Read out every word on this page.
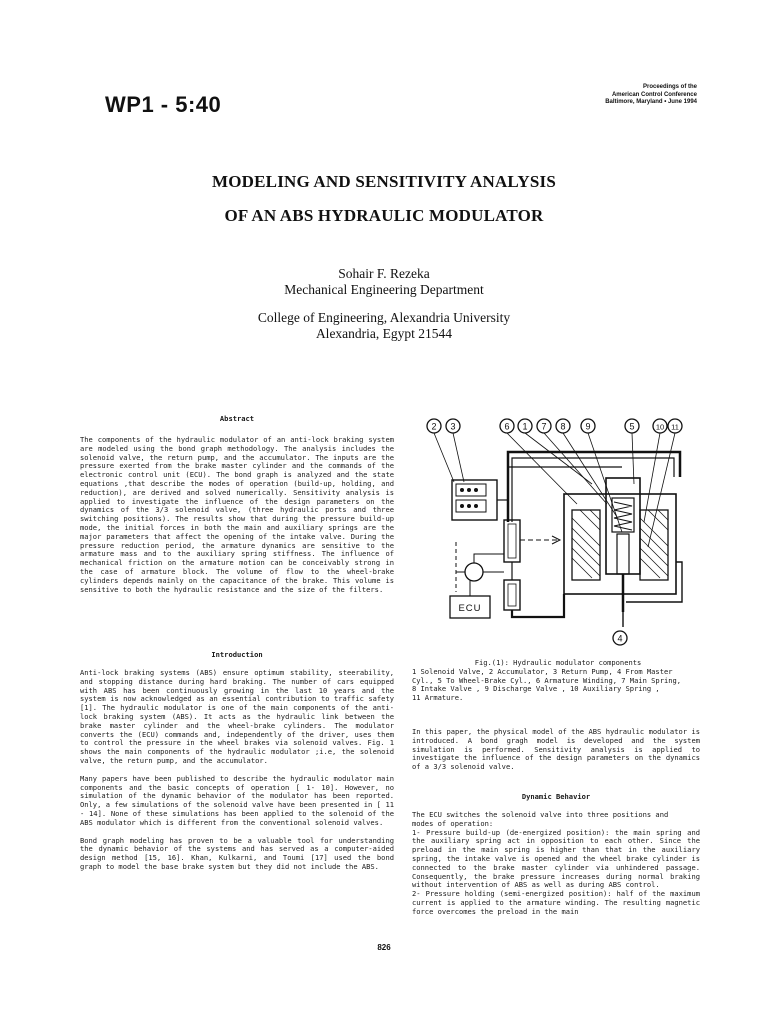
WP1 - 5:40
Proceedings of the
American Control Conference
Baltimore, Maryland • June 1994
MODELING AND SENSITIVITY ANALYSIS
OF AN ABS HYDRAULIC MODULATOR
Sohair F. Rezeka
Mechanical Engineering Department
College of Engineering, Alexandria University
Alexandria, Egypt 21544
Abstract

The components of the hydraulic modulator of an anti-lock braking system are modeled using the bond graph methodology. The analysis includes the solenoid valve, the return pump, and the accumulator. The inputs are the pressure exerted from the brake master cylinder and the commands of the electronic control unit (ECU). The bond graph is analyzed and the state equations ,that describe the modes of operation (build-up, holding, and reduction), are derived and solved numerically. Sensitivity analysis is applied to investigate the influence of the design parameters on the dynamics of the 3/3 solenoid valve, (three hydraulic ports and three switching positions). The results show that during the pressure build-up mode, the initial forces in both the main and auxiliary springs are the major parameters that affect the opening of the intake valve. During the pressure reduction period, the armature dynamics are sensitive to the armature mass and to the auxiliary spring stiffness. The influence of mechanical friction on the armature motion can be conceivably strong in the case of armature block. The volume of flow to the wheel-brake cylinders depends mainly on the capacitance of the brake. This volume is sensitive to both the hydraulic resistance and the size of the filters.

Introduction

Anti-lock braking systems (ABS) ensure optimum stability, steerability, and stopping distance during hard braking. The number of cars equipped with ABS has been continuously growing in the last 10 years and the system is now acknowledged as an essential contribution to traffic safety [1]. The hydraulic modulator is one of the main components of the anti-lock braking system (ABS). It acts as the hydraulic link between the brake master cylinder and the wheel-brake cylinders. The modulator converts the (ECU) commands and, independently of the driver, uses them to control the pressure in the wheel brakes via solenoid valves. Fig. 1 shows the main components of the hydraulic modulator ;i.e, the solenoid valve, the return pump, and the accumulator.

Many papers have been published to describe the hydraulic modulator main components and the basic concepts of operation [ 1- 10]. However, no simulation of the dynamic behavior of the modulator has been reported. Only, a few simulations of the solenoid valve have been presented in [ 11 - 14]. None of these simulations has been applied to the solenoid of the ABS modulator which is different from the conventional solenoid valves.

Bond graph modeling has proven to be a valuable tool for understanding the dynamic behavior of the systems and has served as a computer-aided design method [15, 16]. Khan, Kulkarni, and Toumi [17] used the bond graph to model the base brake system but they did not include the ABS.

2 3	6 1 7 8 9	5	10 11
4
ECU
Fig.(1): Hydraulic modulator components
1 Solenoid Valve, 2 Accumulator, 3 Return Pump, 4 From Master
Cyl., 5 To Wheel-Brake Cyl., 6 Armature Winding, 7 Main Spring,
8 Intake Valve , 9 Discharge Valve , 10 Auxiliary Spring ,
11 Armature.

In this paper, the physical model of the ABS hydraulic modulator is introduced. A bond gragh model is developed and the system simulation is performed. Sensitivity analysis is applied to investigate the influence of the design parameters on the dynamics of a 3/3 solenoid valve.

Dynamic Behavior
The ECU switches the solenoid valve into three positions and
modes of operation:

1- Pressure build-up (de-energized position): the main spring and the auxiliary spring act in opposition to each other. Since the preload in the main spring is higher than that in the auxiliary spring, the intake valve is opened and the wheel brake cylinder is connected to the brake master cylinder via unhindered passage. Consequently, the brake pressure increases during normal braking without intervention of ABS as well as during ABS control.

2- Pressure holding (semi-energized position): half of the maximum current is applied to the armature winding. The resulting magnetic force overcomes the preload in the main

826
